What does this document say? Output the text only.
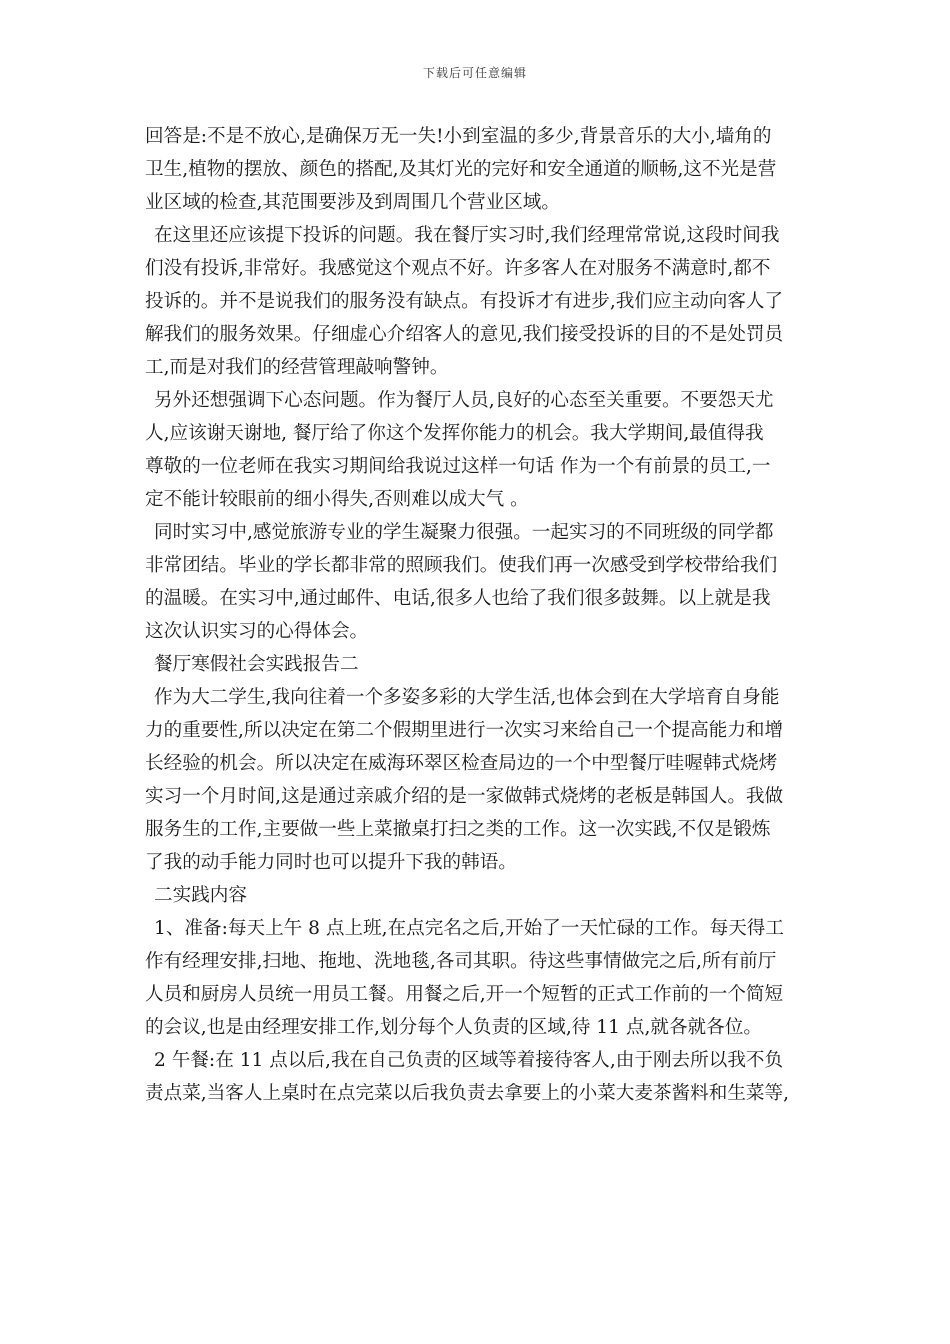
下载后可任意编辑
回答是:不是不放心,是确保万无一失!小到室温的多少,背景音乐的大小,墙角的
卫生,植物的摆放、颜色的搭配,及其灯光的完好和安全通道的顺畅,这不光是营
业区域的检查,其范围要涉及到周围几个营业区域。
在这里还应该提下投诉的问题。我在餐厅实习时,我们经理常常说,这段时间我
们没有投诉,非常好。我感觉这个观点不好。许多客人在对服务不满意时,都不
投诉的。并不是说我们的服务没有缺点。有投诉才有进步,我们应主动向客人了
解我们的服务效果。仔细虚心介绍客人的意见,我们接受投诉的目的不是处罚员
工,而是对我们的经营管理敲响警钟。
另外还想强调下心态问题。作为餐厅人员,良好的心态至关重要。不要怨天尤
人,应该谢天谢地, 餐厅给了你这个发挥你能力的机会。我大学期间,最值得我
尊敬的一位老师在我实习期间给我说过这样一句话 作为一个有前景的员工,一
定不能计较眼前的细小得失,否则难以成大气 。
同时实习中,感觉旅游专业的学生凝聚力很强。一起实习的不同班级的同学都
非常团结。毕业的学长都非常的照顾我们。使我们再一次感受到学校带给我们
的温暖。在实习中,通过邮件、电话,很多人也给了我们很多鼓舞。以上就是我
这次认识实习的心得体会。
餐厅寒假社会实践报告二
作为大二学生,我向往着一个多姿多彩的大学生活,也体会到在大学培育自身能
力的重要性,所以决定在第二个假期里进行一次实习来给自己一个提高能力和增
长经验的机会。所以决定在威海环翠区检查局边的一个中型餐厅哇喔韩式烧烤
实习一个月时间,这是通过亲戚介绍的是一家做韩式烧烤的老板是韩国人。我做
服务生的工作,主要做一些上菜撤桌打扫之类的工作。这一次实践,不仅是锻炼
了我的动手能力同时也可以提升下我的韩语。
二实践内容
1、准备:每天上午 8 点上班,在点完名之后,开始了一天忙碌的工作。每天得工
作有经理安排,扫地、拖地、洗地毯,各司其职。待这些事情做完之后,所有前厅
人员和厨房人员统一用员工餐。用餐之后,开一个短暂的正式工作前的一个简短
的会议,也是由经理安排工作,划分每个人负责的区域,待 11 点,就各就各位。
2 午餐:在 11 点以后,我在自己负责的区域等着接待客人,由于刚去所以我不负
责点菜,当客人上桌时在点完菜以后我负责去拿要上的小菜大麦茶酱料和生菜等,
